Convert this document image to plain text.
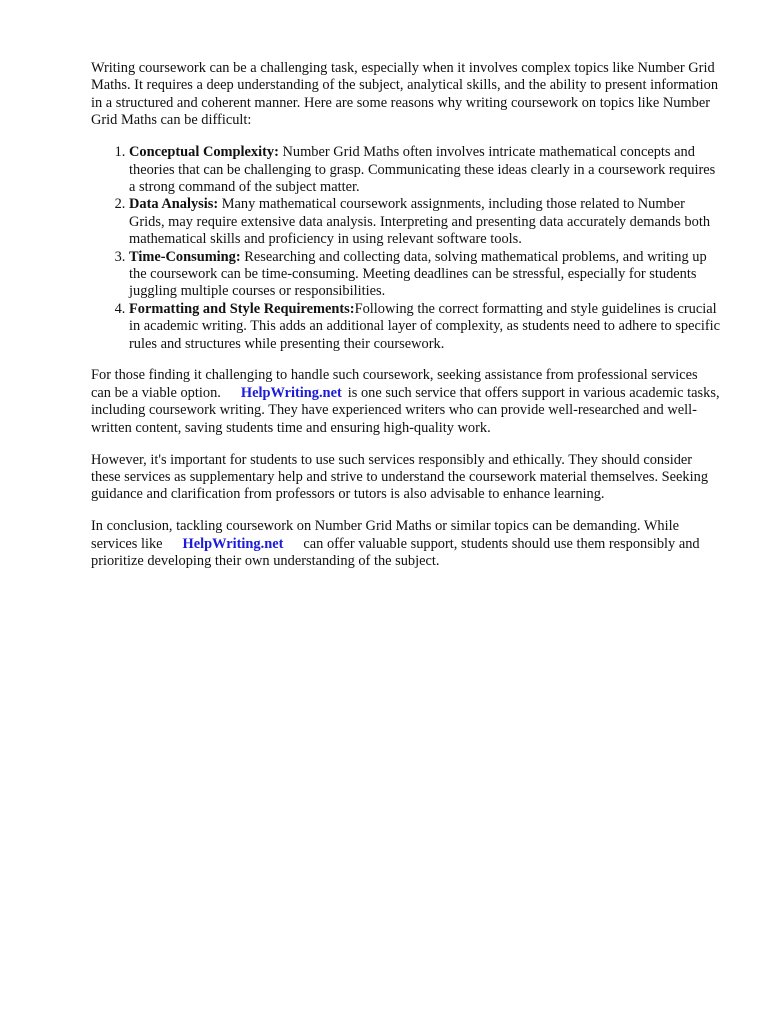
Writing coursework can be a challenging task, especially when it involves complex topics like Number Grid Maths. It requires a deep understanding of the subject, analytical skills, and the ability to present information in a structured and coherent manner. Here are some reasons why writing coursework on topics like Number Grid Maths can be difficult:

1. Conceptual Complexity: Number Grid Maths often involves intricate mathematical concepts and theories that can be challenging to grasp. Communicating these ideas clearly in a coursework requires a strong command of the subject matter.
2. Data Analysis: Many mathematical coursework assignments, including those related to Number Grids, may require extensive data analysis. Interpreting and presenting data accurately demands both mathematical skills and proficiency in using relevant software tools.
3. Time-Consuming: Researching and collecting data, solving mathematical problems, and writing up the coursework can be time-consuming. Meeting deadlines can be stressful, especially for students juggling multiple courses or responsibilities.
4. Formatting and Style Requirements:Following the correct formatting and style guidelines is crucial in academic writing. This adds an additional layer of complexity, as students need to adhere to specific rules and structures while presenting their coursework.

For those finding it challenging to handle such coursework, seeking assistance from professional services can be a viable option. HelpWriting.net is one such service that offers support in various academic tasks, including coursework writing. They have experienced writers who can provide well-researched and well-written content, saving students time and ensuring high-quality work.

However, it's important for students to use such services responsibly and ethically. They should consider these services as supplementary help and strive to understand the coursework material themselves. Seeking guidance and clarification from professors or tutors is also advisable to enhance learning.

In conclusion, tackling coursework on Number Grid Maths or similar topics can be demanding. While services like HelpWriting.net can offer valuable support, students should use them responsibly and prioritize developing their own understanding of the subject.
